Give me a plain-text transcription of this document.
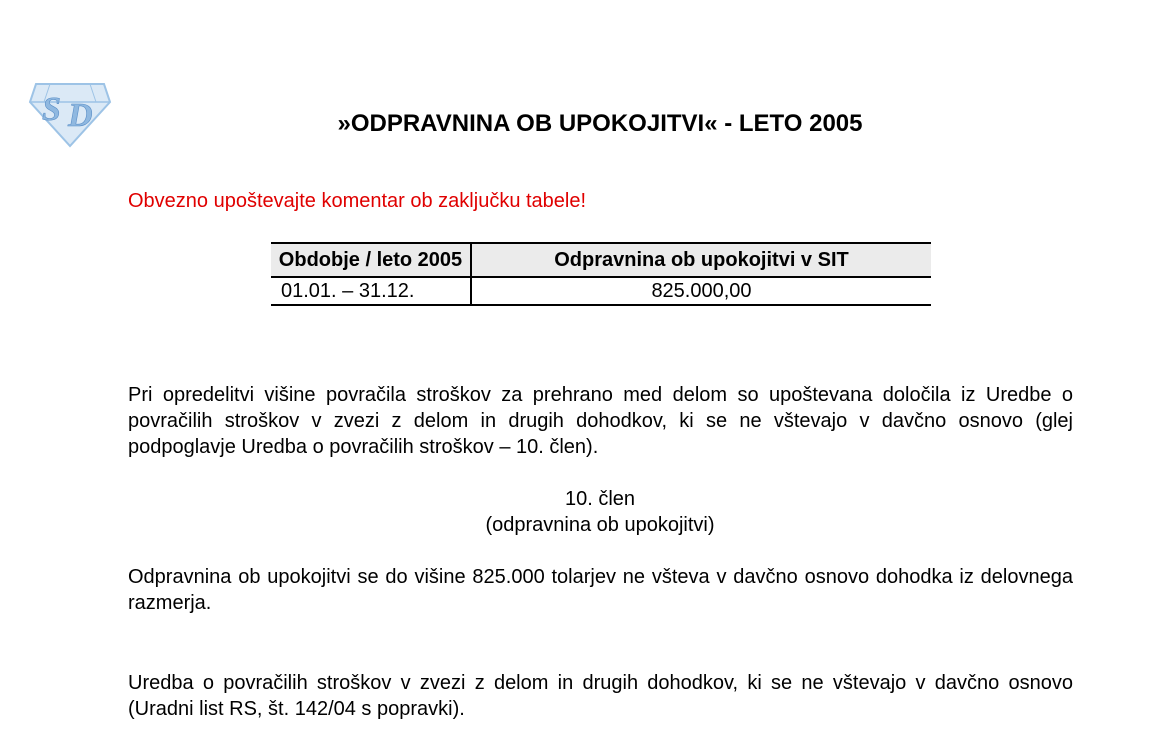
S D	»ODPRAVNINA OB UPOKOJITVI« - LETO 2005
Obvezno upoštevajte komentar ob zaključku tabele!
Obdobje / leto 2005	Odpravnina ob upokojitvi v SIT
01.01. – 31.12.	825.000,00

Pri opredelitvi višine povračila stroškov za prehrano med delom so upoštevana določila iz Uredbe o povračilih stroškov v zvezi z delom in drugih dohodkov, ki se ne vštevajo v davčno osnovo (glej podpoglavje Uredba o povračilih stroškov – 10. člen).

10. člen
(odpravnina ob upokojitvi)

Odpravnina ob upokojitvi se do višine 825.000 tolarjev ne všteva v davčno osnovo dohodka iz delovnega razmerja.

Uredba o povračilih stroškov v zvezi z delom in drugih dohodkov, ki se ne vštevajo v davčno osnovo (Uradni list RS, št. 142/04 s popravki).
